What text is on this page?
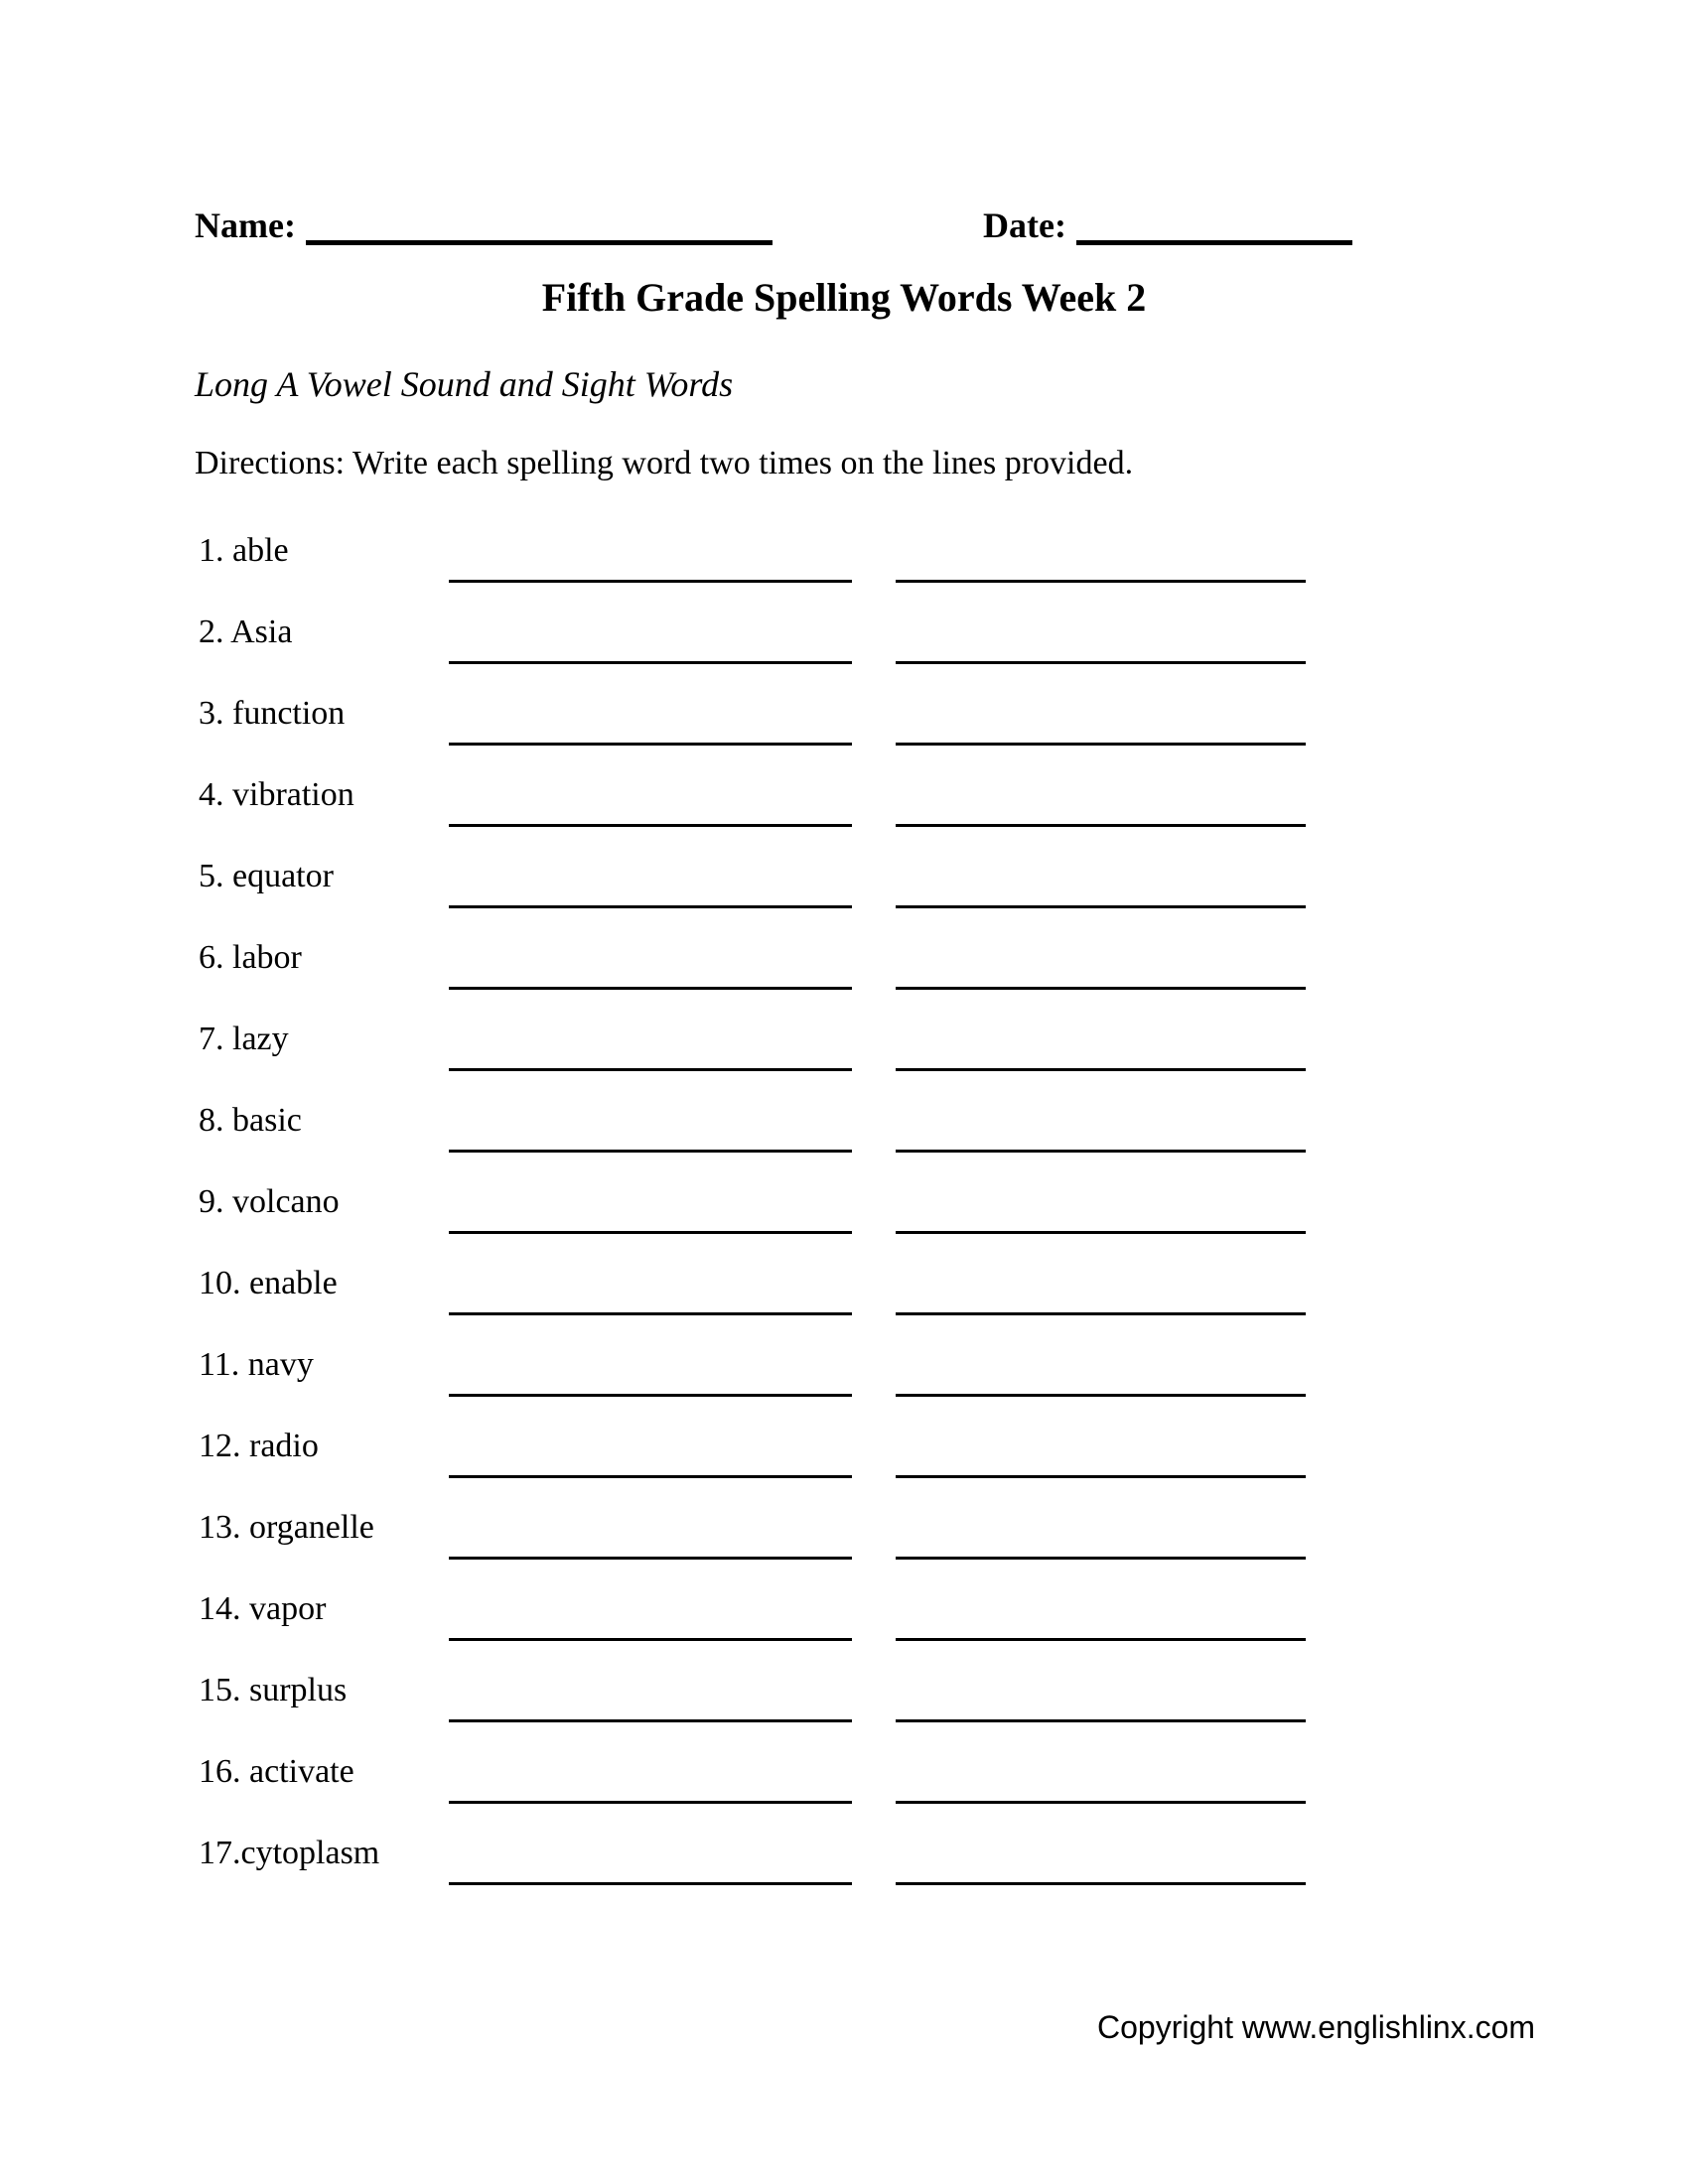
Name:	Date:
Fifth Grade Spelling Words Week 2
Long A Vowel Sound and Sight Words
Directions: Write each spelling word two times on the lines provided.
1. able
2. Asia
3. function
4. vibration
5. equator
6. labor
7. lazy
8. basic
9. volcano
10. enable
11. navy
12. radio
13. organelle
14. vapor
15. surplus
16. activate
17.cytoplasm
Copyright www.englishlinx.com
